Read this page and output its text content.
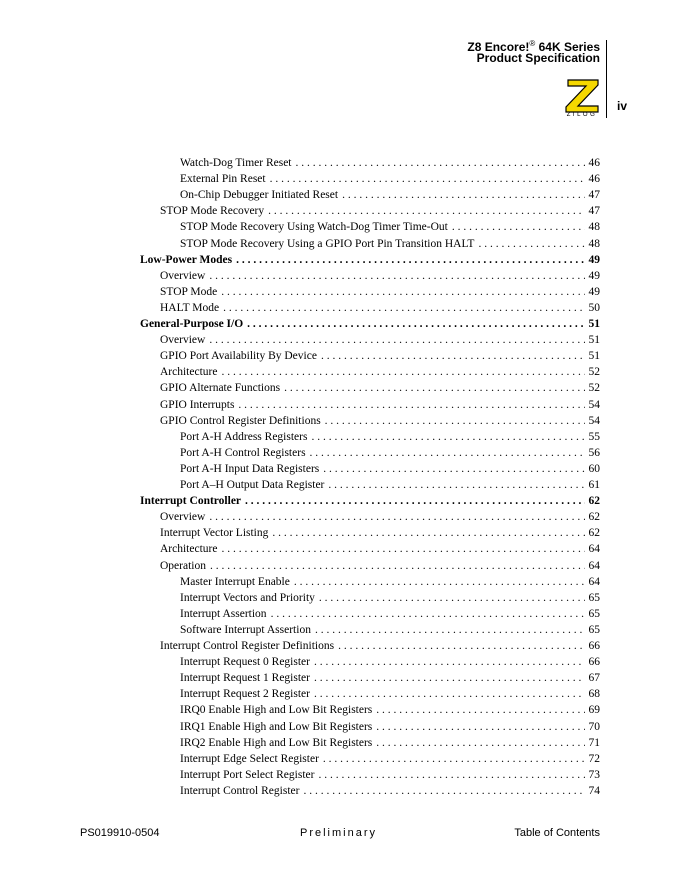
Z8 Encore!® 64K Series
Product Specification
ZILOG
iv
Watch-Dog Timer Reset . . .	46
External Pin Reset . . .	46
On-Chip Debugger Initiated Reset . . .	47
STOP Mode Recovery . . .	47
STOP Mode Recovery Using Watch-Dog Timer Time-Out . . .	48
STOP Mode Recovery Using a GPIO Port Pin Transition HALT . . .	48
Low-Power Modes . . .	49
Overview . . .	49
STOP Mode . . .	49
HALT Mode . . .	50
General-Purpose I/O . . .	51
Overview . . .	51
GPIO Port Availability By Device . . .	51
Architecture . . .	52
GPIO Alternate Functions . . .	52
GPIO Interrupts . . .	54
GPIO Control Register Definitions . . .	54
Port A-H Address Registers . . .	55
Port A-H Control Registers . . .	56
Port A-H Input Data Registers . . .	60
Port A–H Output Data Register . . .	61
Interrupt Controller . . .	62
Overview . . .	62
Interrupt Vector Listing . . .	62
Architecture . . .	64
Operation . . .	64
Master Interrupt Enable . . .	64
Interrupt Vectors and Priority . . .	65
Interrupt Assertion . . .	65
Software Interrupt Assertion . . .	65
Interrupt Control Register Definitions . . .	66
Interrupt Request 0 Register . . .	66
Interrupt Request 1 Register . . .	67
Interrupt Request 2 Register . . .	68
IRQ0 Enable High and Low Bit Registers . . .	69
IRQ1 Enable High and Low Bit Registers . . .	70
IRQ2 Enable High and Low Bit Registers . . .	71
Interrupt Edge Select Register . . .	72
Interrupt Port Select Register . . .	73
Interrupt Control Register . . .	74
PS019910-0504	Preliminary	Table of Contents
